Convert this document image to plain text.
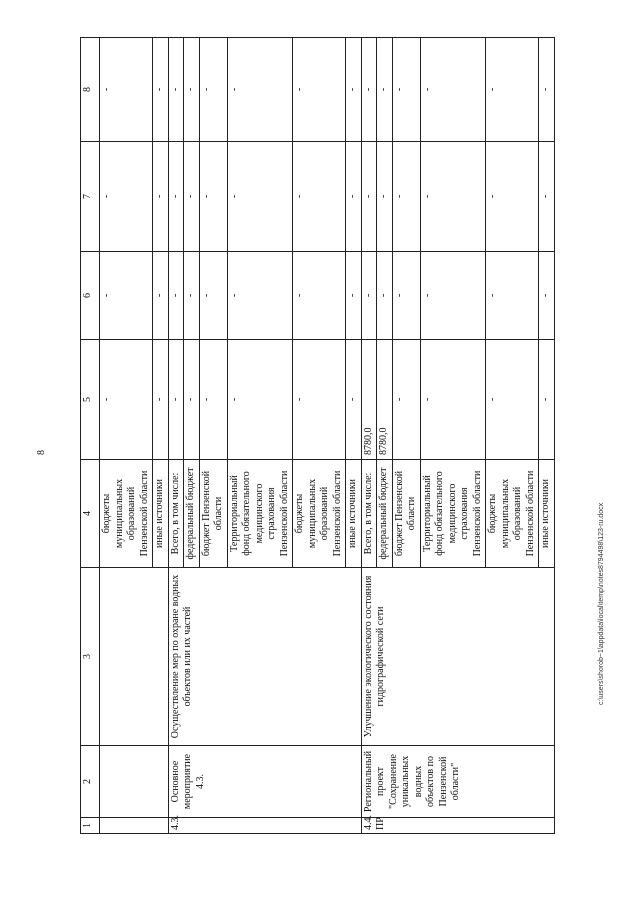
8
c:\users\shorob~1\appdata\local\temp\notes8794498\123-ru.docx
1	2	3	4	5	6	7	8
			бюджеты муниципальных образований Пензенской области	-	-	-	-
			иные источники	-	-	-	-
4.3.	Основное мероприятие 4.3.	Осуществление мер по охране водных объектов или их частей	Всего, в том числе:	-	-	-	-
			федеральный бюджет	-	-	-	-
			бюджет Пензенской области	-	-	-	-
			Территориальный фонд обязательного медицинского страхования Пензенской области	-	-	-	-
			бюджеты муниципальных образований Пензенской области	-	-	-	-
			иные источники	-	-	-	-
4.4. ПР	Региональный проект "Сохранение уникальных водных объектов по Пензенской области"	Улучшение экологического состояния гидрографической сети	Всего, в том числе:	8780,0	-	-	-
			федеральный бюджет	8780,0	-	-	-
			бюджет Пензенской области	-	-	-	-
			Территориальный фонд обязательного медицинского страхования Пензенской области	-	-	-	-
			бюджеты муниципальных образований Пензенской области	-	-	-	-
			иные источники	-	-	-	-
